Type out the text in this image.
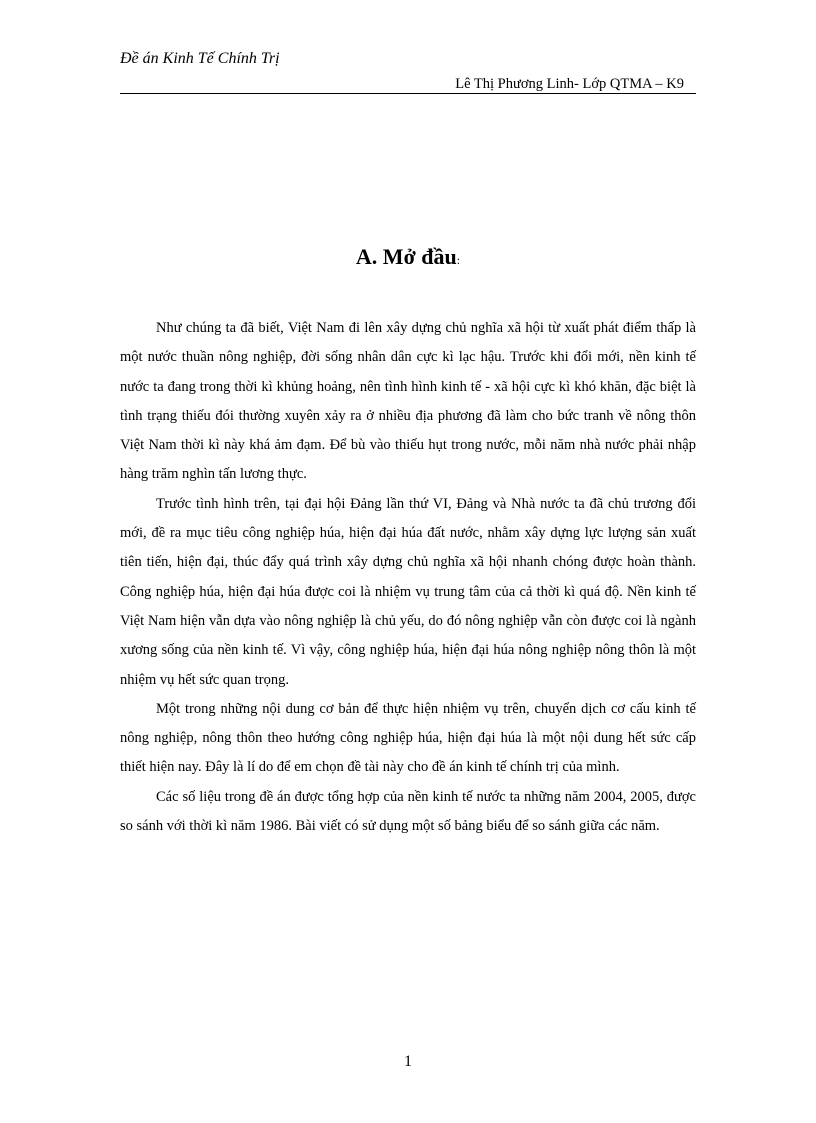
Đề án Kinh Tế Chính Trị
Lê Thị Phương Linh- Lớp QTMA – K9
A. Mở đầu:

Như chúng ta đã biết, Việt Nam đi lên xây dựng chủ nghĩa xã hội từ xuất phát điểm thấp là một nước thuần nông nghiệp, đời sống nhân dân cực kì lạc hậu. Trước khi đổi mới, nền kinh tế nước ta đang trong thời kì khủng hoảng, nên tình hình kinh tế - xã hội cực kì khó khăn, đặc biệt là tình trạng thiếu đói thường xuyên xảy ra ở nhiều địa phương đã làm cho bức tranh về nông thôn Việt Nam thời kì này khá ảm đạm. Để bù vào thiếu hụt trong nước, mỗi năm nhà nước phải nhập hàng trăm nghìn tấn lương thực.

Trước tình hình trên, tại đại hội Đảng lần thứ VI, Đảng và Nhà nước ta đã chủ trương đổi mới, đề ra mục tiêu công nghiệp húa, hiện đại húa đất nước, nhằm xây dựng lực lượng sản xuất tiên tiến, hiện đại, thúc đẩy quá trình xây dựng chủ nghĩa xã hội nhanh chóng được hoàn thành. Công nghiệp húa, hiện đại húa được coi là nhiệm vụ trung tâm của cả thời kì quá độ. Nền kinh tế Việt Nam hiện vẫn dựa vào nông nghiệp là chủ yếu, do đó nông nghiệp vẫn còn được coi là ngành xương sống của nền kinh tế. Vì vậy, công nghiệp húa, hiện đại húa nông nghiệp nông thôn là một nhiệm vụ hết sức quan trọng.

Một trong những nội dung cơ bản để thực hiện nhiệm vụ trên, chuyển dịch cơ cấu kinh tế nông nghiệp, nông thôn theo hướng công nghiệp húa, hiện đại húa là một nội dung hết sức cấp thiết hiện nay. Đây là lí do để em chọn đề tài này cho đề án kinh tế chính trị của mình.

Các số liệu trong đề án được tổng hợp của nền kinh tế nước ta những năm 2004, 2005, được so sánh với thời kì năm 1986. Bài viết có sử dụng một số bảng biểu để so sánh giữa các năm.

1
